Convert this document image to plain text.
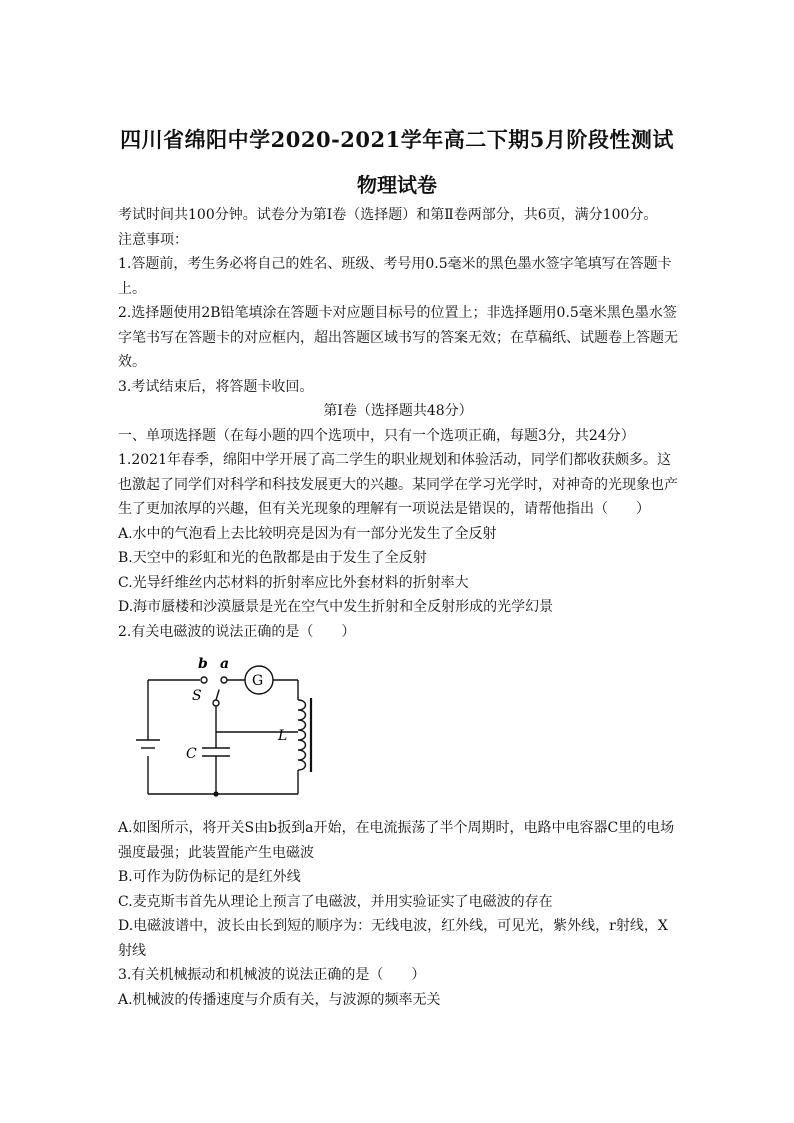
四川省绵阳中学2020-2021学年高二下期5月阶段性测试
物理试卷

考试时间共100分钟。试卷分为第Ⅰ卷（选择题）和第Ⅱ卷两部分，共6页，满分100分。

注意事项：

1.答题前，考生务必将自己的姓名、班级、考号用0.5毫米的黑色墨水签字笔填写在答题卡上。

2.选择题使用2B铅笔填涂在答题卡对应题目标号的位置上；非选择题用0.5毫米黑色墨水签字笔书写在答题卡的对应框内，超出答题区域书写的答案无效；在草稿纸、试题卷上答题无效。

3.考试结束后，将答题卡收回。

第Ⅰ卷（选择题共48分）

一、单项选择题（在每小题的四个选项中，只有一个选项正确，每题3分，共24分）

1.2021年春季，绵阳中学开展了高二学生的职业规划和体验活动，同学们都收获颇多。这也激起了同学们对科学和科技发展更大的兴趣。某同学在学习光学时，对神奇的光现象也产生了更加浓厚的兴趣，但有关光现象的理解有一项说法是错误的，请帮他指出（　　）

A.水中的气泡看上去比较明亮是因为有一部分光发生了全反射

B.天空中的彩虹和光的色散都是由于发生了全反射

C.光导纤维丝内芯材料的折射率应比外套材料的折射率大

D.海市蜃楼和沙漠蜃景是光在空气中发生折射和全反射形成的光学幻景

2.有关电磁波的说法正确的是（　　）

b a
G
S
C
L

A.如图所示，将开关S由b扳到a开始，在电流振荡了半个周期时，电路中电容器C里的电场强度最强；此装置能产生电磁波

B.可作为防伪标记的是红外线

C.麦克斯韦首先从理论上预言了电磁波，并用实验证实了电磁波的存在

D.电磁波谱中，波长由长到短的顺序为：无线电波，红外线，可见光，紫外线，r射线，X射线

3.有关机械振动和机械波的说法正确的是（　　）

A.机械波的传播速度与介质有关，与波源的频率无关
